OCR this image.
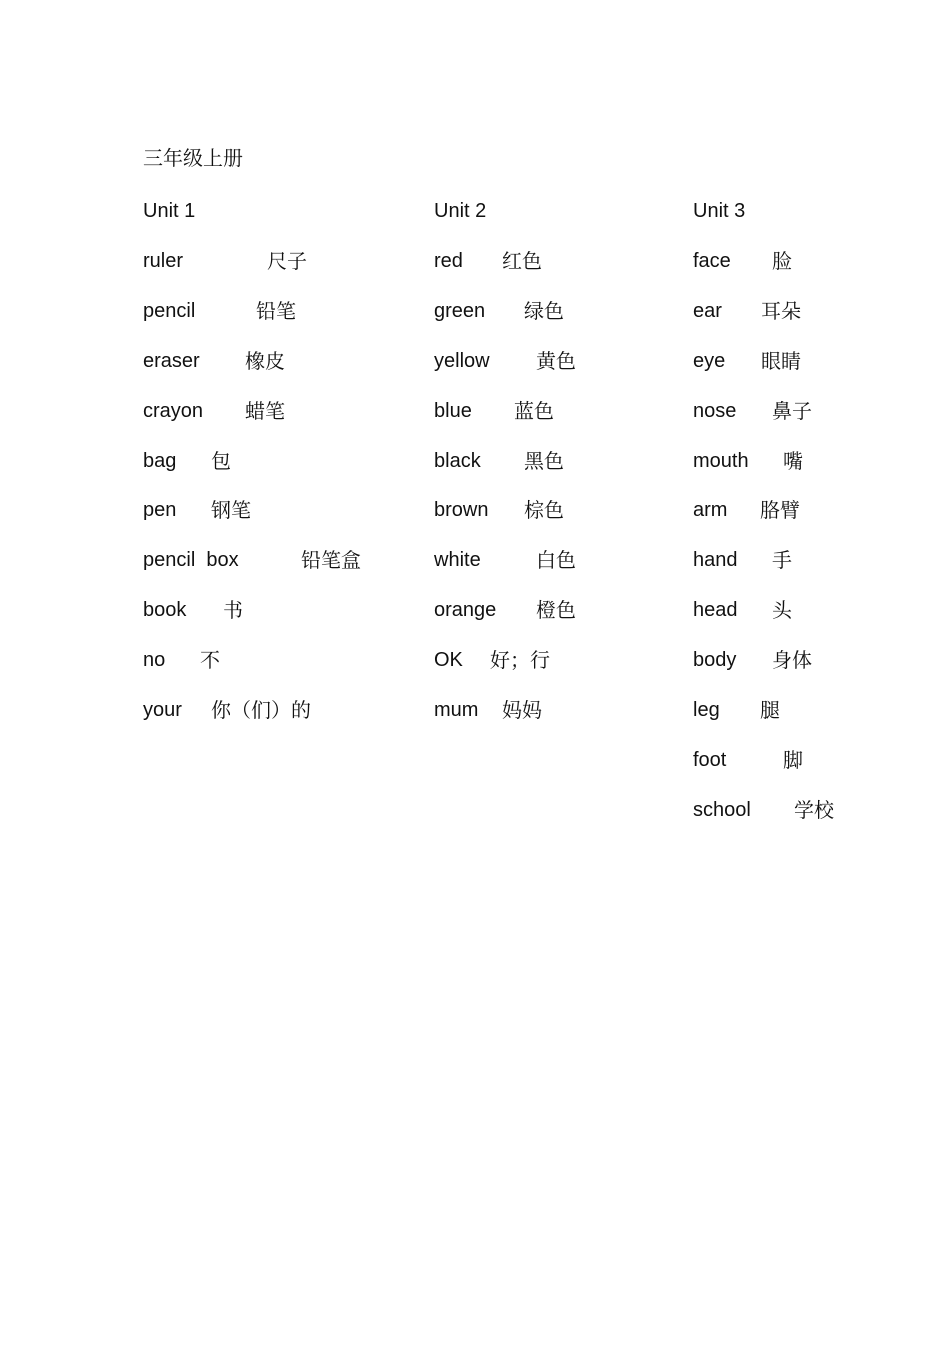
三年级上册
Unit 1
ruler	尺子
pencil	铅笔
eraser 橡皮
crayon 蜡笔
bag 包
pen 钢笔
pencil  box	铅笔盒
book 书
no 不
your 你（们）的
Unit 2
red 红色
green 绿色
yellow 黄色
blue 蓝色
black 黑色
brown 棕色
white	白色
orange 橙色
OK 好；行
mum 妈妈
Unit 3
face 脸
ear 耳朵
eye 眼睛
nose 鼻子
mouth 嘴
arm 胳臂
hand 手
head 头
body 身体
leg 腿
foot	脚
school 学校
